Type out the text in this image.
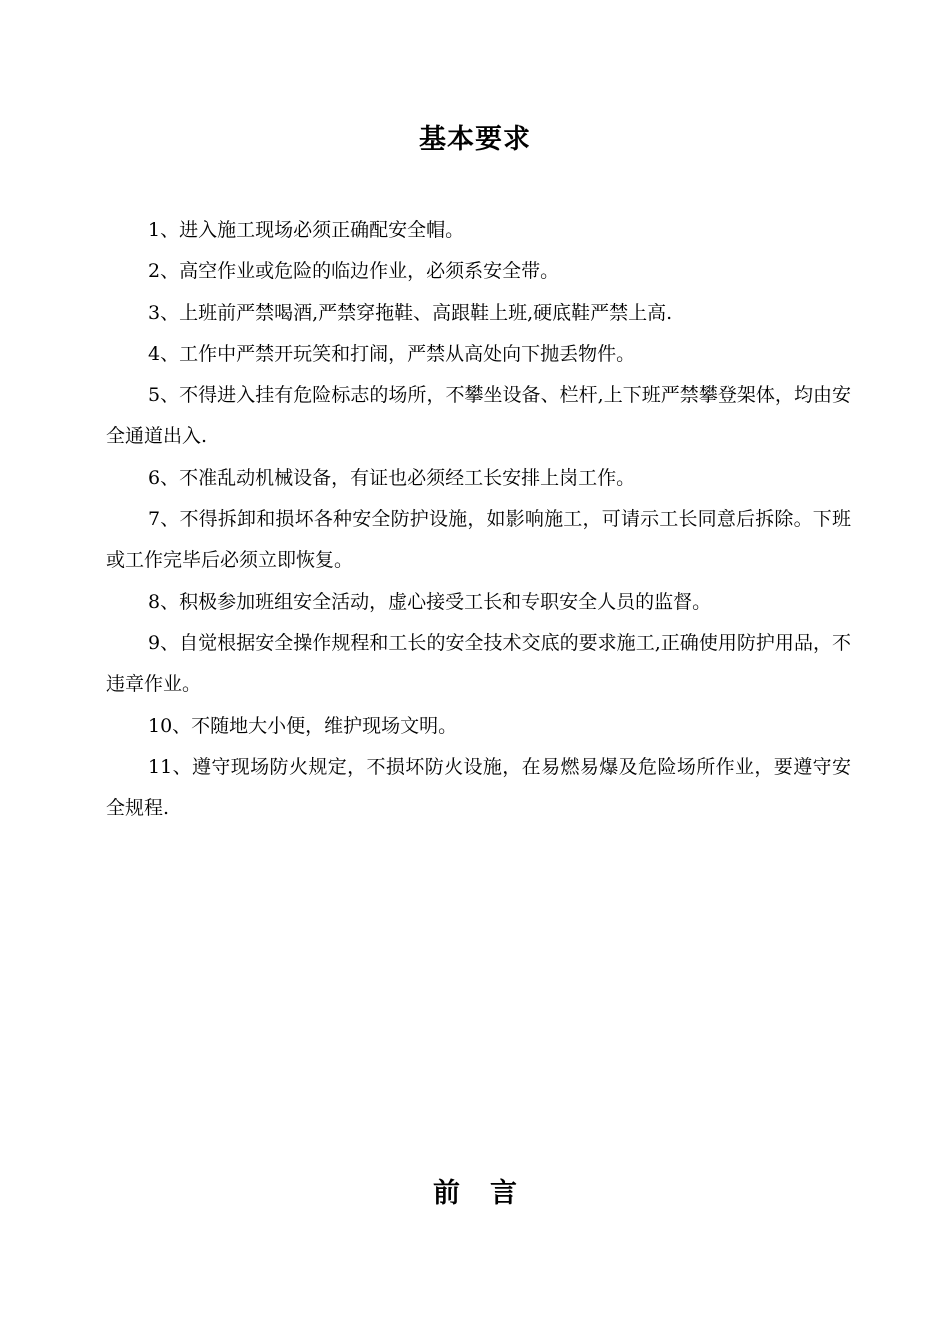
基本要求

1、进入施工现场必须正确配安全帽。

2、高空作业或危险的临边作业，必须系安全带。

3、上班前严禁喝酒,严禁穿拖鞋、高跟鞋上班,硬底鞋严禁上高.

4、工作中严禁开玩笑和打闹，严禁从高处向下抛丢物件。

5、不得进入挂有危险标志的场所，不攀坐设备、栏杆,上下班严禁攀登架体，均由安全通道出入.

6、不准乱动机械设备，有证也必须经工长安排上岗工作。

7、不得拆卸和损坏各种安全防护设施，如影响施工，可请示工长同意后拆除。下班或工作完毕后必须立即恢复。

8、积极参加班组安全活动，虚心接受工长和专职安全人员的监督。

9、自觉根据安全操作规程和工长的安全技术交底的要求施工,正确使用防护用品，不违章作业。

10、不随地大小便，维护现场文明。

11、遵守现场防火规定，不损坏防火设施，在易燃易爆及危险场所作业，要遵守安全规程.

前 言
